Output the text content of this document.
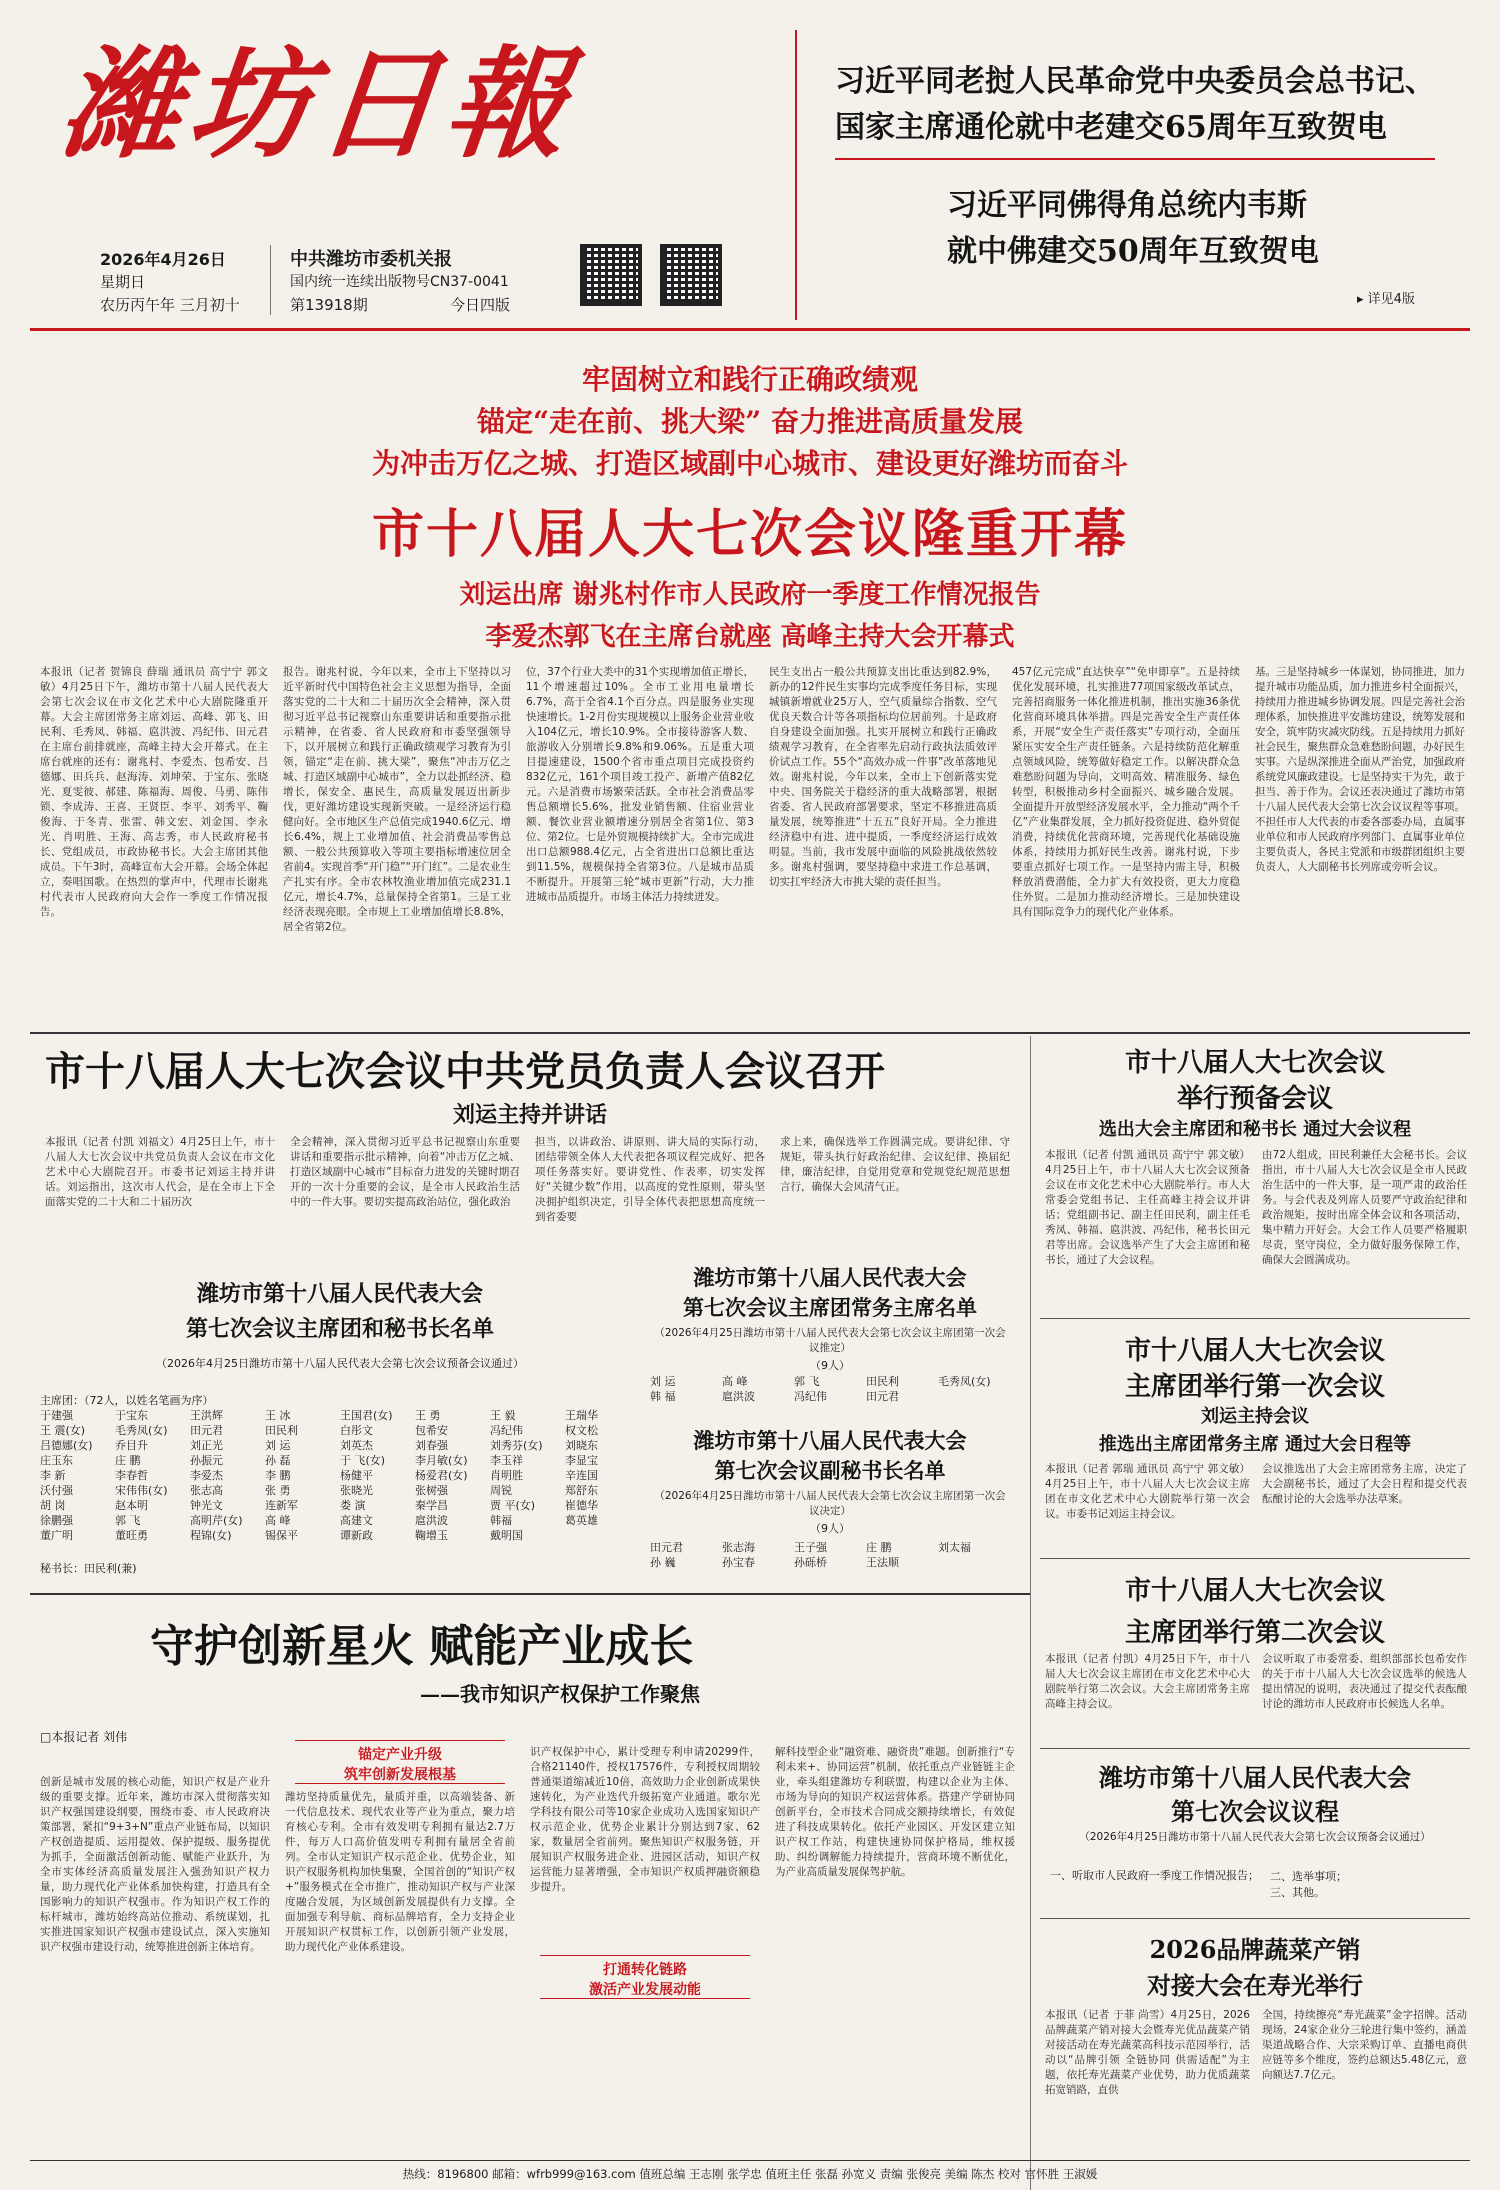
濰坊日報
2026年4月26日
星期日
农历丙午年 三月初十
中共潍坊市委机关报
国内统一连续出版物号CN37-0041
第13918期	今日四版
习近平同老挝人民革命党中央委员会总书记、
国家主席通伦就中老建交65周年互致贺电
习近平同佛得角总统内韦斯
就中佛建交50周年互致贺电
▸ 详见4版
牢固树立和践行正确政绩观
锚定“走在前、挑大梁” 奋力推进高质量发展
为冲击万亿之城、打造区域副中心城市、建设更好潍坊而奋斗
市十八届人大七次会议隆重开幕
刘运出席 谢兆村作市人民政府一季度工作情况报告
李爱杰郭飞在主席台就座 高峰主持大会开幕式
本报讯（记者 贺锦良 薛瑞 通讯员 高宁宁 郭文敏）4月25日下午，潍坊市第十八届人民代表大会第七次会议在市文化艺术中心大剧院隆重开幕。大会主席团常务主席刘运、高峰、郭飞、田民利、毛秀凤、韩福、扈洪波、冯纪伟、田元君在主席台前排就座，高峰主持大会开幕式。在主席台就座的还有：谢兆村、李爱杰、包希安、吕德娜、田兵兵、赵海涛、刘坤荣、于宝东、张晓光、夏雯彼、郝建、陈福海、周俊、马勇、陈伟锁、李成涛、王喜、王贤臣、李平、刘秀平、鞠俊海、于冬青、张雷、韩文宏、刘金国、李永光、肖明胜、王海、高志秀，市人民政府秘书长、党组成员，市政协秘书长。大会主席团其他成员。下午3时，高峰宣布大会开幕。会场全体起立，奏唱国歌。在热烈的掌声中，代理市长谢兆村代表市人民政府向大会作一季度工作情况报告。
报告。谢兆村说，今年以来，全市上下坚持以习近平新时代中国特色社会主义思想为指导，全面落实党的二十大和二十届历次全会精神，深入贯彻习近平总书记视察山东重要讲话和重要指示批示精神，在省委、省人民政府和市委坚强领导下，以开展树立和践行正确政绩观学习教育为引领，锚定“走在前、挑大梁”，聚焦“冲击万亿之城、打造区域副中心城市”，全力以赴抓经济、稳增长，保安全、惠民生，高质量发展迈出新步伐，更好潍坊建设实现新突破。一是经济运行稳健向好。全市地区生产总值完成1940.6亿元、增长6.4%，规上工业增加值、社会消费品零售总额、一般公共预算收入等项主要指标增速位居全省前4。实现首季“开门稳”“开门红”。二是农业生产扎实有序。全市农林牧渔业增加值完成231.1亿元，增长4.7%，总量保持全省第1。三是工业经济表现亮眼。全市规上工业增加值增长8.8%，居全省第2位。
位，37个行业大类中的31个实现增加值正增长，11个增速超过10%。全市工业用电量增长6.7%，高于全省4.1个百分点。四是服务业实现快速增长。1-2月份实现规模以上服务企业营业收入104亿元，增长10.9%。全市接待游客人数、旅游收入分别增长9.8%和9.06%。五是重大项目提速建设，1500个省市重点项目完成投资约832亿元，161个项目竣工投产、新增产值82亿元。六是消费市场繁荣活跃。全市社会消费品零售总额增长5.6%，批发业销售额、住宿业营业额、餐饮业营业额增速分别居全省第1位、第3位、第2位。七是外贸规模持续扩大。全市完成进出口总额988.4亿元，占全省进出口总额比重达到11.5%，规模保持全省第3位。八是城市品质不断提升。开展第三轮“城市更新”行动，大力推进城市品质提升。市场主体活力持续迸发。
民生支出占一般公共预算支出比重达到82.9%，新办的12件民生实事均完成季度任务目标，实现城镇新增就业25万人，空气质量综合指数、空气优良天数合计等各项指标均位居前列。十是政府自身建设全面加强。扎实开展树立和践行正确政绩观学习教育，在全省率先启动行政执法质效评价试点工作。55个“高效办成一件事”改革落地见效。谢兆村说，今年以来，全市上下创新落实党中央、国务院关于稳经济的重大战略部署，根据省委、省人民政府部署要求，坚定不移推进高质量发展，统筹推进“十五五”良好开局。全力推进经济稳中有进、进中提质，一季度经济运行成效明显。当前，我市发展中面临的风险挑战依然较多。谢兆村强调，要坚持稳中求进工作总基调，切实扛牢经济大市挑大梁的责任担当。
457亿元完成“直达快享”“免申即享”。五是持续优化发展环境，扎实推进77项国家级改革试点，完善招商服务一体化推进机制，推出实施36条优化营商环境具体举措。四是完善安全生产责任体系，开展“安全生产责任落实”专项行动，全面压紧压实安全生产责任链条。六是持续防范化解重点领域风险，统筹做好稳定工作。以解决群众急难愁盼问题为导向，文明高效、精准服务、绿色转型，积极推动乡村全面振兴、城乡融合发展。全面提升开放型经济发展水平，全力推动“两个千亿”产业集群发展，全力抓好投资促进、稳外贸促消费，持续优化营商环境，完善现代化基础设施体系，持续用力抓好民生改善。谢兆村说，下步要重点抓好七项工作。一是坚持内需主导，积极释放消费潜能，全力扩大有效投资，更大力度稳住外贸。二是加力推动经济增长。三是加快建设具有国际竞争力的现代化产业体系。
基。三是坚持城乡一体谋划，协同推进，加力提升城市功能品质，加力推进乡村全面振兴，持续用力推进城乡协调发展。四是完善社会治理体系，加快推进平安潍坊建设，统筹发展和安全，筑牢防灾减灾防线。五是持续用力抓好社会民生，聚焦群众急难愁盼问题，办好民生实事。六是纵深推进全面从严治党，加强政府系统党风廉政建设。七是坚持实干为先，敢于担当、善于作为。会议还表决通过了潍坊市第十八届人民代表大会第七次会议议程等事项。不担任市人大代表的市委各部委办局，直属事业单位和市人民政府序列部门、直属事业单位主要负责人，各民主党派和市级群团组织主要负责人，人大副秘书长列席或旁听会议。
市十八届人大七次会议中共党员负责人会议召开
刘运主持并讲话
本报讯（记者 付凯 刘福文）4月25日上午，市十八届人大七次会议中共党员负责人会议在市文化艺术中心大剧院召开。市委书记刘运主持并讲话。刘运指出，这次市人代会，是在全市上下全面落实党的二十大和二十届历次
全会精神，深入贯彻习近平总书记视察山东重要讲话和重要指示批示精神，向着“冲击万亿之城、打造区域副中心城市”目标奋力进发的关键时期召开的一次十分重要的会议，是全市人民政治生活中的一件大事。要切实提高政治站位，强化政治
担当，以讲政治、讲原则、讲大局的实际行动，团结带领全体人大代表把各项议程完成好、把各项任务落实好。要讲党性、作表率，切实发挥好“关键少数”作用，以高度的党性原则，带头坚决拥护组织决定，引导全体代表把思想高度统一到省委要
求上来，确保选举工作圆满完成。要讲纪律、守规矩，带头执行好政治纪律、会议纪律、换届纪律，廉洁纪律，自觉用党章和党规党纪规范思想言行，确保大会风清气正。
潍坊市第十八届人民代表大会
第七次会议主席团和秘书长名单
（2026年4月25日潍坊市第十八届人民代表大会第七次会议预备会议通过）
主席团：（72人，以姓名笔画为序）
于建强	于宝东	王洪辉	王 冰	王国君(女)	王 勇	王 毅	王瑞华
王 震(女)	毛秀凤(女)	田元君	田民利	白彤文	包希安	冯纪伟	权文松
吕德娜(女)	乔目升	刘正光	刘 运	刘英杰	刘春强	刘秀芬(女)	刘晓东
庄玉东	庄 鹏	孙振元	孙 磊	于 飞(女)	李月敏(女)	李玉祥	李显宝
李 新	李春哲	李爱杰	李 鹏	杨健平	杨爱君(女)	肖明胜	辛连国
沃付强	宋伟伟(女)	张志高	张 勇	张晓光	张树强	周锐	郑舒东
胡 岗	赵本明	钟光文	连新军	娄 演	秦学昌	贾 平(女)	崔德华
徐鹏强	郭 飞	高明芹(女)	高 峰	高建文	扈洪波	韩福	葛英雄
董广明	董旺勇	程锦(女)	锡保平	谭新政	鞠增玉	戴明国
秘书长：田民利(兼)
潍坊市第十八届人民代表大会
第七次会议主席团常务主席名单
（2026年4月25日潍坊市第十八届人民代表大会第七次会议主席团第一次会议推定）
（9人）
刘 运	高 峰	郭 飞	田民利	毛秀凤(女)
韩 福	扈洪波	冯纪伟	田元君
潍坊市第十八届人民代表大会
第七次会议副秘书长名单
（2026年4月25日潍坊市第十八届人民代表大会第七次会议主席团第一次会议决定）
（9人）
田元君	张志海	王子强	庄 鹏	刘太福
孙 巍	孙宝春	孙砾桥	王法顺
守护创新星火 赋能产业成长
——我市知识产权保护工作聚焦
□本报记者 刘伟
锚定产业升级
筑牢创新发展根基
打通转化链路
激活产业发展动能
创新是城市发展的核心动能，知识产权是产业升级的重要支撑。近年来，潍坊市深入贯彻落实知识产权强国建设纲要，围绕市委、市人民政府决策部署，紧扣“9+3+N”重点产业链布局，以知识产权创造提质、运用提效、保护提级、服务提优为抓手，全面激活创新动能、赋能产业跃升，为全市实体经济高质量发展注入强劲知识产权力量，助力现代化产业体系加快构建，打造具有全国影响力的知识产权强市。作为知识产权工作的标杆城市，潍坊始终高站位推动、系统谋划，扎实推进国家知识产权强市建设试点，深入实施知识产权强市建设行动，统筹推进创新主体培育。
潍坊坚持质量优先，量质并重，以高端装备、新一代信息技术、现代农业等产业为重点，聚力培育核心专利。全市有效发明专利拥有量达2.7万件，每万人口高价值发明专利拥有量居全省前列。全市认定知识产权示范企业、优势企业，知识产权服务机构加快集聚，全国首创的“知识产权+”服务模式在全市推广，推动知识产权与产业深度融合发展，为区域创新发展提供有力支撑。全面加强专利导航、商标品牌培育，全力支持企业开展知识产权贯标工作，以创新引领产业发展，助力现代化产业体系建设。
识产权保护中心，累计受理专利申请20299件，合格21140件，授权17576件，专利授权周期较普通渠道缩减近10倍，高效助力企业创新成果快速转化，为产业迭代升级拓宽产业通道。歌尔光学科技有限公司等10家企业成功入选国家知识产权示范企业，优势企业累计分别达到7家、62家，数量居全省前列。聚焦知识产权服务链，开展知识产权服务进企业、进园区活动，知识产权运营能力显著增强，全市知识产权质押融资额稳步提升。
解科技型企业“融资难、融资贵”难题。创新推行“专利未来+、协同运营”机制，依托重点产业链链主企业，牵头组建潍坊专利联盟，构建以企业为主体、市场为导向的知识产权运营体系。搭建产学研协同创新平台，全市技术合同成交额持续增长，有效促进了科技成果转化。依托产业园区、开发区建立知识产权工作站，构建快速协同保护格局，维权援助、纠纷调解能力持续提升，营商环境不断优化，为产业高质量发展保驾护航。
市十八届人大七次会议
举行预备会议
选出大会主席团和秘书长 通过大会议程
本报讯（记者 付凯 通讯员 高宁宁 郭文敏）4月25日上午，市十八届人大七次会议预备会议在市文化艺术中心大剧院举行。市人大常委会党组书记、主任高峰主持会议并讲话；党组副书记、副主任田民利，副主任毛秀凤、韩福、扈洪波、冯纪伟，秘书长田元君等出席。会议选举产生了大会主席团和秘书长，通过了大会议程。
由72人组成，田民利兼任大会秘书长。会议指出，市十八届人大七次会议是全市人民政治生活中的一件大事，是一项严肃的政治任务。与会代表及列席人员要严守政治纪律和政治规矩，按时出席全体会议和各项活动，集中精力开好会。大会工作人员要严格履职尽责，坚守岗位，全力做好服务保障工作，确保大会圆满成功。
市十八届人大七次会议
主席团举行第一次会议
刘运主持会议
推选出主席团常务主席 通过大会日程等
本报讯（记者 郭瑞 通讯员 高宁宁 郭文敏）4月25日上午，市十八届人大七次会议主席团在市文化艺术中心大剧院举行第一次会议。市委书记刘运主持会议。
会议推选出了大会主席团常务主席，决定了大会副秘书长，通过了大会日程和提交代表酝酿讨论的大会选举办法草案。
市十八届人大七次会议
主席团举行第二次会议
本报讯（记者 付凯）4月25日下午，市十八届人大七次会议主席团在市文化艺术中心大剧院举行第二次会议。大会主席团常务主席高峰主持会议。
会议听取了市委常委、组织部部长包希安作的关于市十八届人大七次会议选举的候选人提出情况的说明，表决通过了提交代表酝酿讨论的潍坊市人民政府市长候选人名单。
潍坊市第十八届人民代表大会
第七次会议议程
（2026年4月25日潍坊市第十八届人民代表大会第七次会议预备会议通过）
一、听取市人民政府一季度工作情况报告； 二、选举事项；
三、其他。
2026品牌蔬菜产销
对接大会在寿光举行
本报讯（记者 于菲 尚雪）4月25日，2026品牌蔬菜产销对接大会暨寿光优品蔬菜产销对接活动在寿光蔬菜高科技示范园举行，活动以“品牌引领 全链协同 供需适配”为主题，依托寿光蔬菜产业优势，助力优质蔬菜拓宽销路，直供
全国，持续擦亮“寿光蔬菜”金字招牌。活动现场，24家企业分三轮进行集中签约，涵盖渠道战略合作、大宗采购订单、直播电商供应链等多个维度，签约总额达5.48亿元，意向额达7.7亿元。
热线：8196800 邮箱：wfrb999@163.com 值班总编 王志刚 张学忠 值班主任 张磊 孙宽义 责编 张俊亮 美编 陈杰 校对 官怀胜 王淑媛
